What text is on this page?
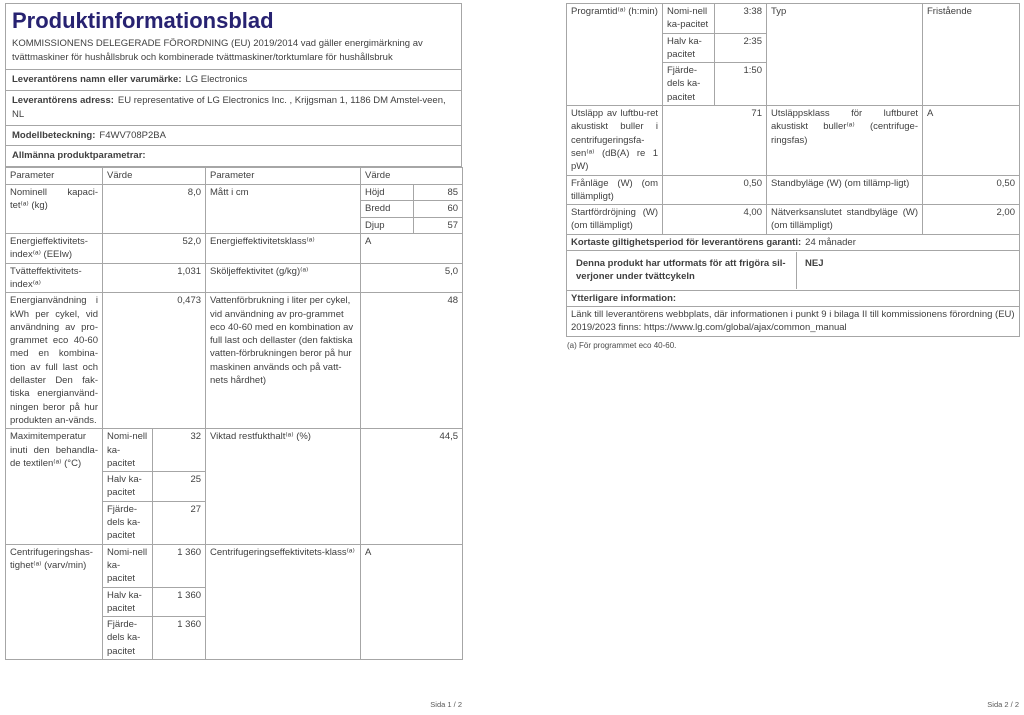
Produktinformationsblad

KOMMISSIONENS DELEGERADE FÖRORDNING (EU) 2019/2014 vad gäller energimärkning av tvättmaskiner för hushållsbruk och kombinerade tvättmaskiner/torktumlare för hushållsbruk

Leverantörens namn eller varumärke: LG Electronics
Leverantörens adress: EU representative of LG Electronics Inc. , Krijgsman 1, 1186 DM Amstel-veen, NL
Modellbeteckning: F4WV708P2BA
Allmänna produktparametrar:
Parameter	Värde		Parameter	Värde	
Nominell kapaci-tet⁽ᵃ⁾ (kg)	8,0		Mått i cm	Höjd	85
				Bredd	60
				Djup	57
Energieffektivitets-index⁽ᵃ⁾ (EEIᴡ)	52,0		Energieffektivitetsklass⁽ᵃ⁾	A	
Tvätteffektivitets-index⁽ᵃ⁾	1,031		Sköljeffektivitet (g/kg)⁽ᵃ⁾	5,0	
Energianvändning i kWh per cykel, vid användning av pro-grammet eco 40-60 med en kombina-tion av full last och dellaster Den fak-tiska energianvänd-ningen beror på hur produkten an-vänds.	0,473		Vattenförbrukning i liter per cykel, vid användning av pro-grammet eco 40-60 med en kombination av full last och dellaster (den faktiska vatten-förbrukningen beror på hur maskinen används och på vatt-nets hårdhet)	48	
Maximitemperatur inuti den behandla-de textilen⁽ᵃ⁾ (°C)	Nomi-nell ka-pacitet	32	Viktad restfukthalt⁽ᵃ⁾ (%)	44,5	
	Halv ka-pacitet	25			
	Fjärde-dels ka-pacitet	27			
Centrifugeringshas-tighet⁽ᵃ⁾ (varv/min)	Nomi-nell ka-pacitet	1 360	Centrifugeringseffektivitets-klass⁽ᵃ⁾	A	
	Halv ka-pacitet	1 360			
	Fjärde-dels ka-pacitet	1 360			
Programtid⁽ᵃ⁾ (h:min)	Nomi-nell ka-pacitet	3:38	Typ	Fristående
	Halv ka-pacitet	2:35		
	Fjärde-dels ka-pacitet	1:50		
Utsläpp av luftbu-ret akustiskt buller i centrifugeringsfa-sen⁽ᵃ⁾ (dB(A) re 1 pW)	71		Utsläppsklass för luftburet akustiskt buller⁽ᵃ⁾ (centrifuge-ringsfas)	A
Frånläge (W) (om tillämpligt)	0,50		Standbyläge (W) (om tillämp-ligt)	0,50
Startfördröjning (W) (om tillämpligt)	4,00		Nätverksanslutet standbyläge (W) (om tillämpligt)	2,00
Kortaste giltighetsperiod för leverantörens garanti: 24 månader				

Denna produkt har utformats för att frigöra sil-verjoner under tvättcykeln
NEJ				

Ytterligare information:				
Länk till leverantörens webbplats, där informationen i punkt 9 i bilaga II till kommissionens förordning (EU) 2019/2023 finns: https://www.lg.com/global/ajax/common_manual				
(a) För programmet eco 40-60.
Sida 1 / 2	Sida 2 / 2
